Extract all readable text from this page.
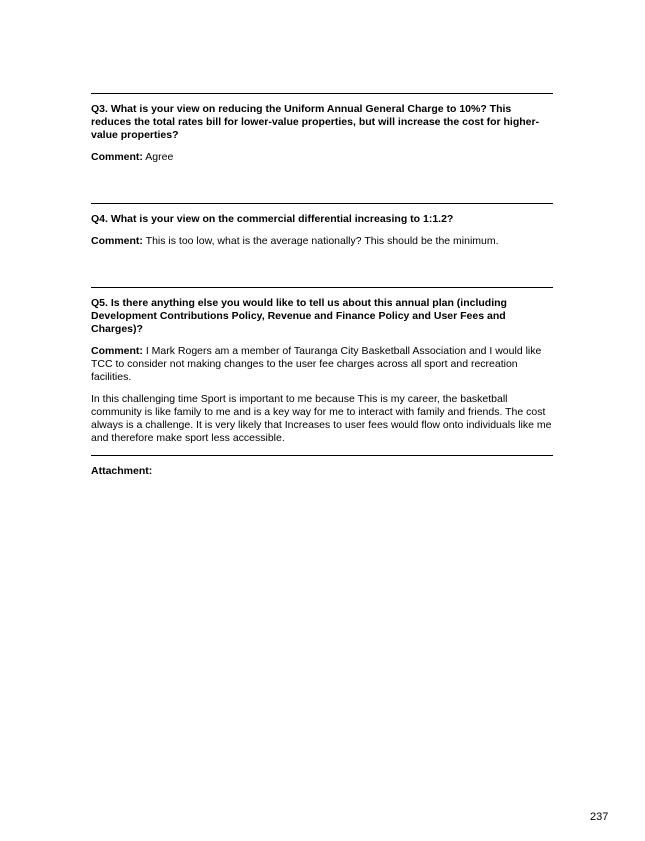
Q3. What is your view on reducing the Uniform Annual General Charge to 10%? This reduces the total rates bill for lower-value properties, but will increase the cost for higher-value properties?

Comment: Agree

Q4. What is your view on the commercial differential increasing to 1:1.2?

Comment: This is too low, what is the average nationally? This should be the minimum.

Q5. Is there anything else you would like to tell us about this annual plan (including Development Contributions Policy, Revenue and Finance Policy and User Fees and Charges)?

Comment: I Mark Rogers am a member of Tauranga City Basketball Association and I would like TCC to consider not making changes to the user fee charges across all sport and recreation facilities.

In this challenging time Sport is important to me because This is my career, the basketball community is like family to me and is a key way for me to interact with family and friends. The cost always is a challenge. It is very likely that Increases to user fees would flow onto individuals like me and therefore make sport less accessible.

Attachment:

237
